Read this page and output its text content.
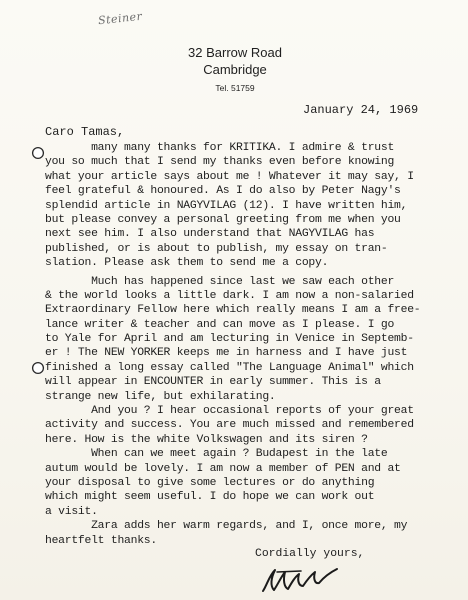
Steiner
32 Barrow Road
Cambridge
Tel. 51759
January 24, 1969
Caro Tamas,
many many thanks for KRITIKA. I admire & trust
you so much that I send my thanks even before knowing
what your article says about me ! Whatever it may say, I
feel grateful & honoured. As I do also by Peter Nagy's
splendid article in NAGYVILAG (12). I have written him,
but please convey a personal greeting from me when you
next see him. I also understand that NAGYVILAG has
published, or is about to publish, my essay on tran-
slation. Please ask them to send me a copy.
Much has happened since last we saw each other
& the world looks a little dark. I am now a non-salaried
Extraordinary Fellow here which really means I am a free-
lance writer & teacher and can move as I please. I go
to Yale for April and am lecturing in Venice in Septemb-
er ! The NEW YORKER keeps me in harness and I have just
finished a long essay called "The Language Animal" which
will appear in ENCOUNTER in early summer. This is a
strange new life, but exhilarating.
And you ? I hear occasional reports of your great
activity and success. You are much missed and remembered
here. How is the white Volkswagen and its siren ?
When can we meet again ? Budapest in the late
autum would be lovely. I am now a member of PEN and at
your disposal to give some lectures or do anything
which might seem useful. I do hope we can work out
a visit.
Zara adds her warm regards, and I, once more, my
heartfelt thanks.
Cordially yours,
